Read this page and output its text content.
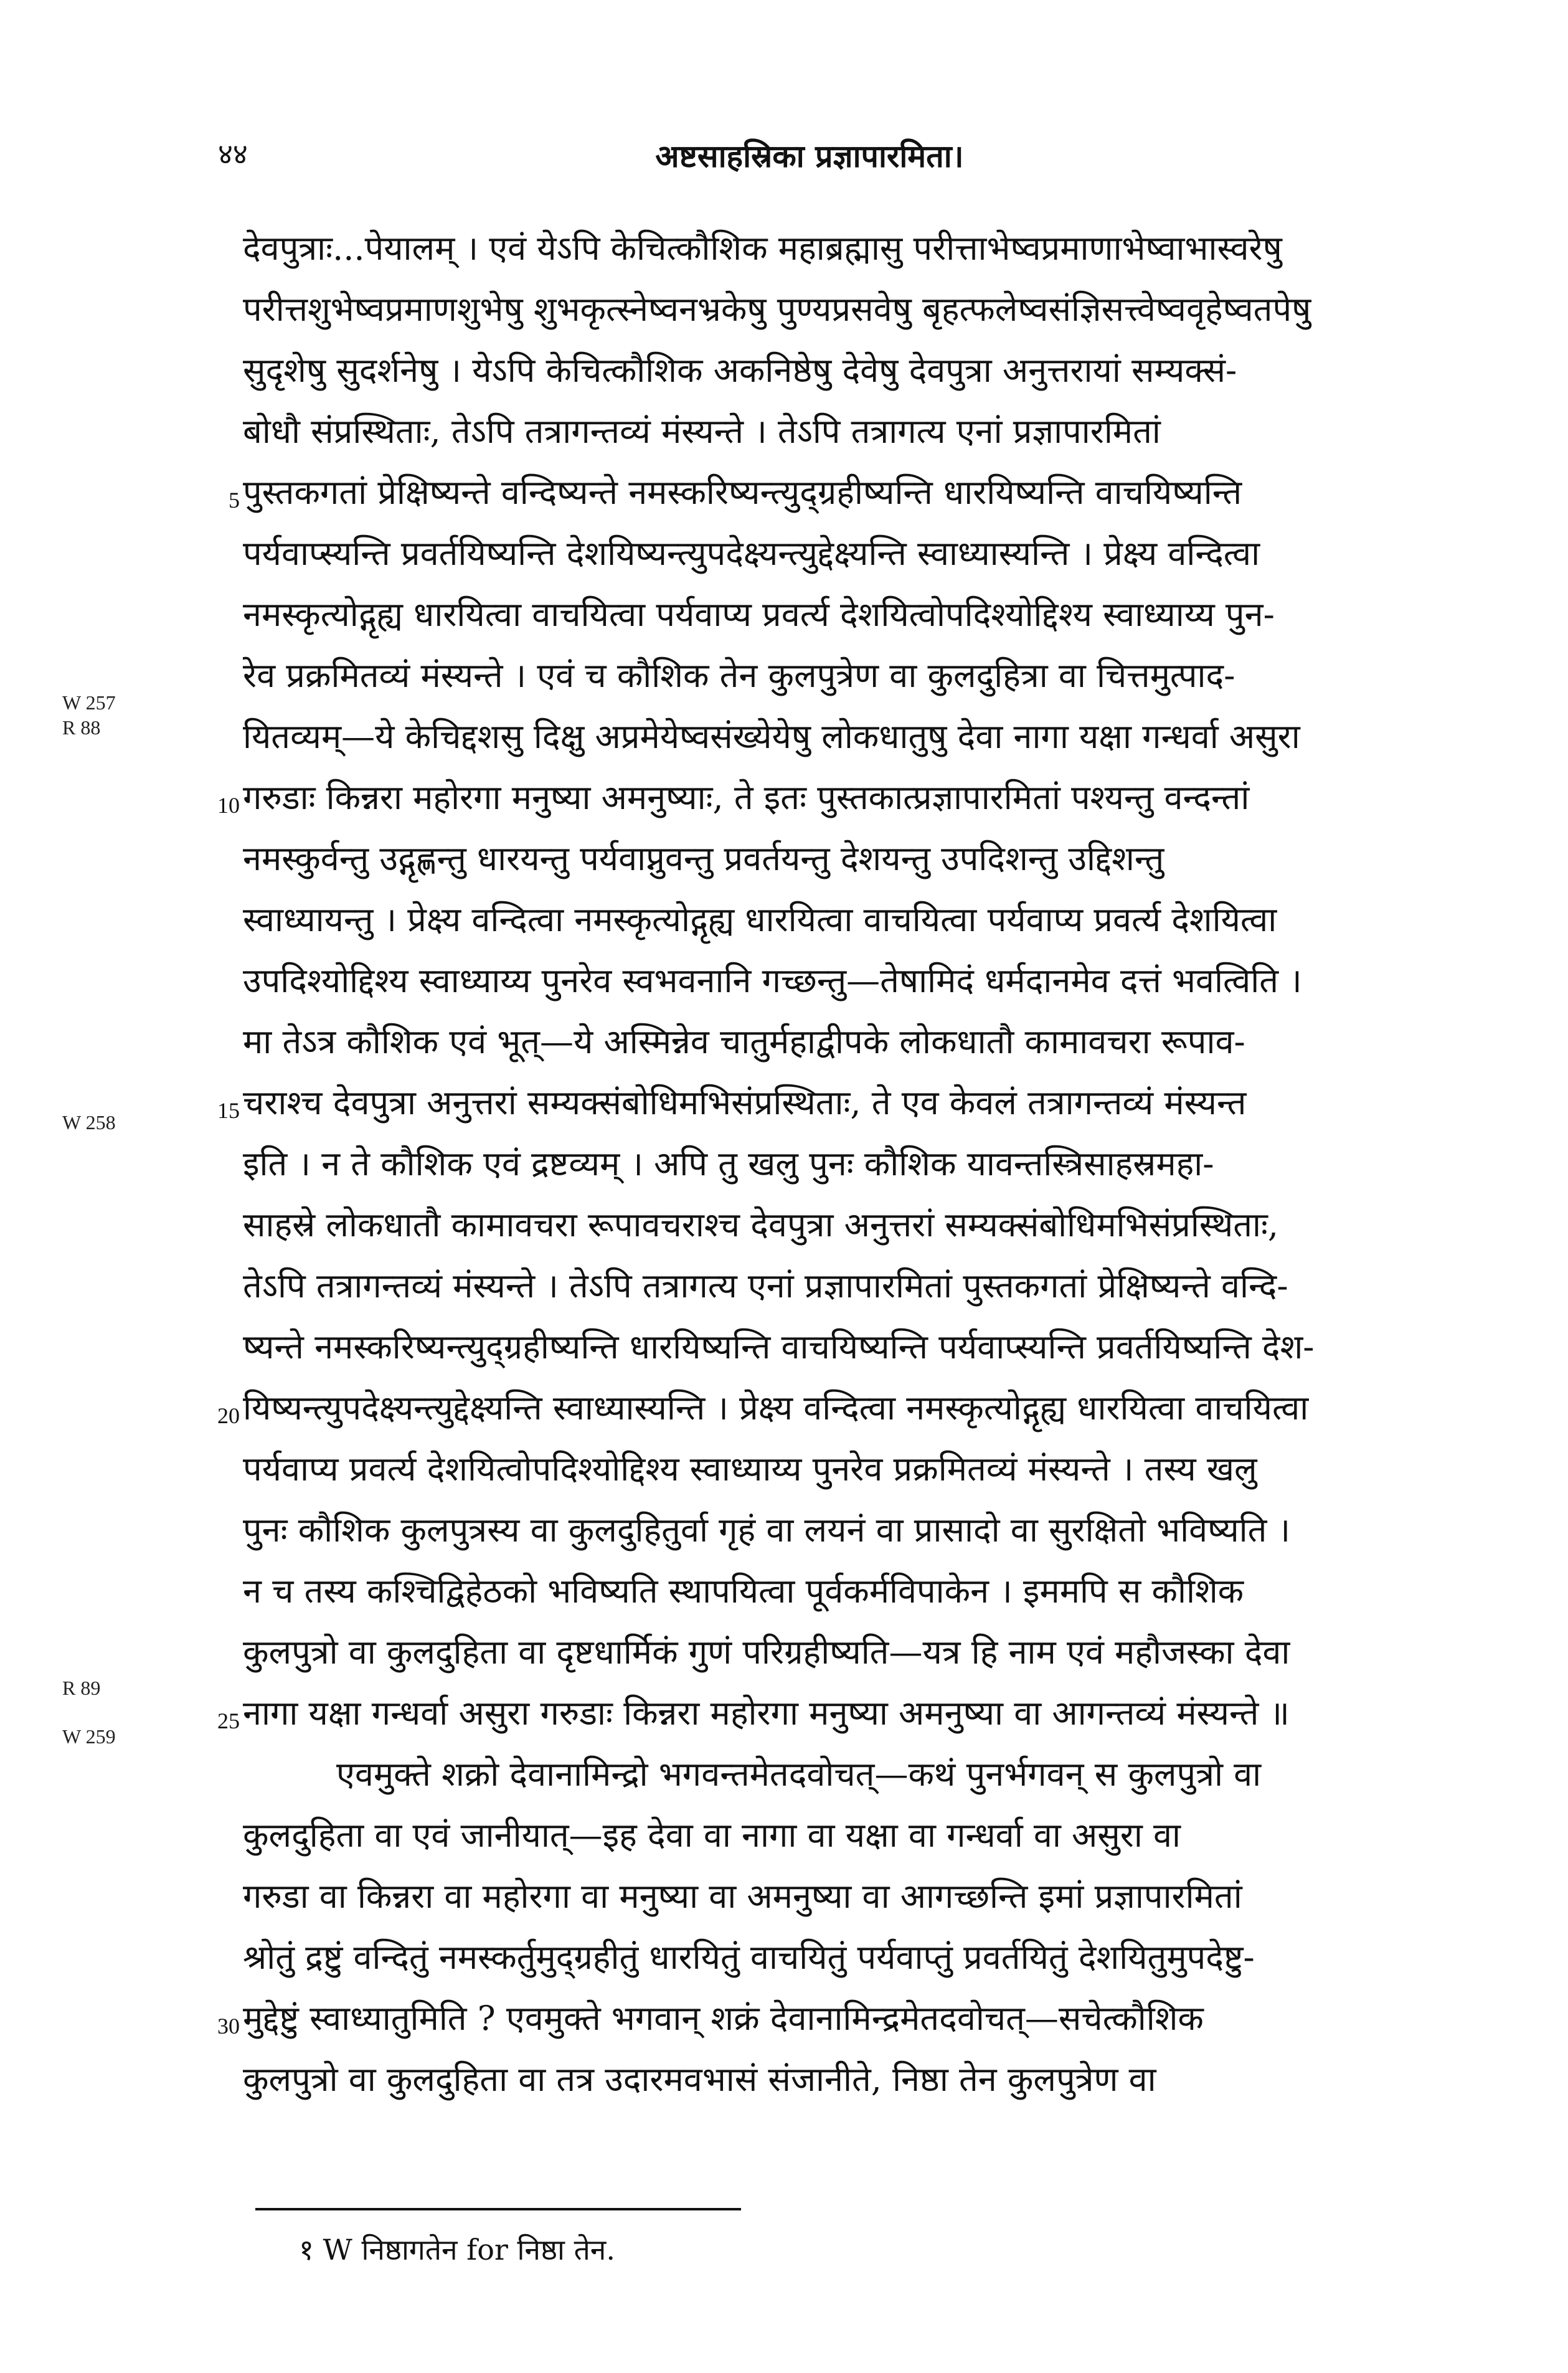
४४	अष्टसाहस्रिका प्रज्ञापारमिता।
देवपुत्राः...पेयालम् । एवं येऽपि केचित्कौशिक महाब्रह्मासु परीत्ताभेष्वप्रमाणाभेष्वाभास्वरेषु
परीत्तशुभेष्वप्रमाणशुभेषु शुभकृत्स्नेष्वनभ्रकेषु पुण्यप्रसवेषु बृहत्फलेष्वसंज्ञिसत्त्वेष्ववृहेष्वतपेषु
सुदृशेषु सुदर्शनेषु । येऽपि केचित्कौशिक अकनिष्ठेषु देवेषु देवपुत्रा अनुत्तरायां सम्यक्सं-
बोधौ संप्रस्थिताः, तेऽपि तत्रागन्तव्यं मंस्यन्ते । तेऽपि तत्रागत्य एनां प्रज्ञापारमितां
पुस्तकगतां प्रेक्षिष्यन्ते वन्दिष्यन्ते नमस्करिष्यन्त्युद्ग्रहीष्यन्ति धारयिष्यन्ति वाचयिष्यन्ति
पर्यवाप्स्यन्ति प्रवर्तयिष्यन्ति देशयिष्यन्त्युपदेक्ष्यन्त्युद्देक्ष्यन्ति स्वाध्यास्यन्ति । प्रेक्ष्य वन्दित्वा
नमस्कृत्योद्गृह्य धारयित्वा वाचयित्वा पर्यवाप्य प्रवर्त्य देशयित्वोपदिश्योद्दिश्य स्वाध्याय्य पुन-
रेव प्रक्रमितव्यं मंस्यन्ते । एवं च कौशिक तेन कुलपुत्रेण वा कुलदुहित्रा वा चित्तमुत्पाद-
यितव्यम्—ये केचिद्दशसु दिक्षु अप्रमेयेष्वसंख्येयेषु लोकधातुषु देवा नागा यक्षा गन्धर्वा असुरा
गरुडाः किन्नरा महोरगा मनुष्या अमनुष्याः, ते इतः पुस्तकात्प्रज्ञापारमितां पश्यन्तु वन्दन्तां
नमस्कुर्वन्तु उद्गृह्णन्तु धारयन्तु पर्यवाप्नुवन्तु प्रवर्तयन्तु देशयन्तु उपदिशन्तु उद्दिशन्तु
स्वाध्यायन्तु । प्रेक्ष्य वन्दित्वा नमस्कृत्योद्गृह्य धारयित्वा वाचयित्वा पर्यवाप्य प्रवर्त्य देशयित्वा
उपदिश्योद्दिश्य स्वाध्याय्य पुनरेव स्वभवनानि गच्छन्तु—तेषामिदं धर्मदानमेव दत्तं भवत्विति ।
मा तेऽत्र कौशिक एवं भूत्—ये अस्मिन्नेव चातुर्महाद्वीपके लोकधातौ कामावचरा रूपाव-
चराश्च देवपुत्रा अनुत्तरां सम्यक्संबोधिमभिसंप्रस्थिताः, ते एव केवलं तत्रागन्तव्यं मंस्यन्त
इति । न ते कौशिक एवं द्रष्टव्यम् । अपि तु खलु पुनः कौशिक यावन्तस्त्रिसाहस्रमहा-
साहस्रे लोकधातौ कामावचरा रूपावचराश्च देवपुत्रा अनुत्तरां सम्यक्संबोधिमभिसंप्रस्थिताः,
तेऽपि तत्रागन्तव्यं मंस्यन्ते । तेऽपि तत्रागत्य एनां प्रज्ञापारमितां पुस्तकगतां प्रेक्षिष्यन्ते वन्दि-
ष्यन्ते नमस्करिष्यन्त्युद्ग्रहीष्यन्ति धारयिष्यन्ति वाचयिष्यन्ति पर्यवाप्स्यन्ति प्रवर्तयिष्यन्ति देश-
यिष्यन्त्युपदेक्ष्यन्त्युद्देक्ष्यन्ति स्वाध्यास्यन्ति । प्रेक्ष्य वन्दित्वा नमस्कृत्योद्गृह्य धारयित्वा वाचयित्वा
पर्यवाप्य प्रवर्त्य देशयित्वोपदिश्योद्दिश्य स्वाध्याय्य पुनरेव प्रक्रमितव्यं मंस्यन्ते । तस्य खलु
पुनः कौशिक कुलपुत्रस्य वा कुलदुहितुर्वा गृहं वा लयनं वा प्रासादो वा सुरक्षितो भविष्यति ।
न च तस्य कश्चिद्विहेठको भविष्यति स्थापयित्वा पूर्वकर्मविपाकेन । इममपि स कौशिक
कुलपुत्रो वा कुलदुहिता वा दृष्टधार्मिकं गुणं परिग्रहीष्यति—यत्र हि नाम एवं महौजस्का देवा
नागा यक्षा गन्धर्वा असुरा गरुडाः किन्नरा महोरगा मनुष्या अमनुष्या वा आगन्तव्यं मंस्यन्ते ॥
एवमुक्ते शक्रो देवानामिन्द्रो भगवन्तमेतदवोचत्—कथं पुनर्भगवन् स कुलपुत्रो वा
कुलदुहिता वा एवं जानीयात्—इह देवा वा नागा वा यक्षा वा गन्धर्वा वा असुरा वा
गरुडा वा किन्नरा वा महोरगा वा मनुष्या वा अमनुष्या वा आगच्छन्ति इमां प्रज्ञापारमितां
श्रोतुं द्रष्टुं वन्दितुं नमस्कर्तुमुद्ग्रहीतुं धारयितुं वाचयितुं पर्यवाप्तुं प्रवर्तयितुं देशयितुमुपदेष्टु-
मुद्देष्टुं स्वाध्यातुमिति ? एवमुक्ते भगवान् शक्रं देवानामिन्द्रमेतदवोचत्—सचेत्कौशिक
कुलपुत्रो वा कुलदुहिता वा तत्र उदारमवभासं संजानीते, निष्ठा तेन कुलपुत्रेण वा
5
10
15
20
25
30
W 257
R 88
W 258
R 89
W 259
१ W निष्ठागतेन for निष्ठा तेन.
